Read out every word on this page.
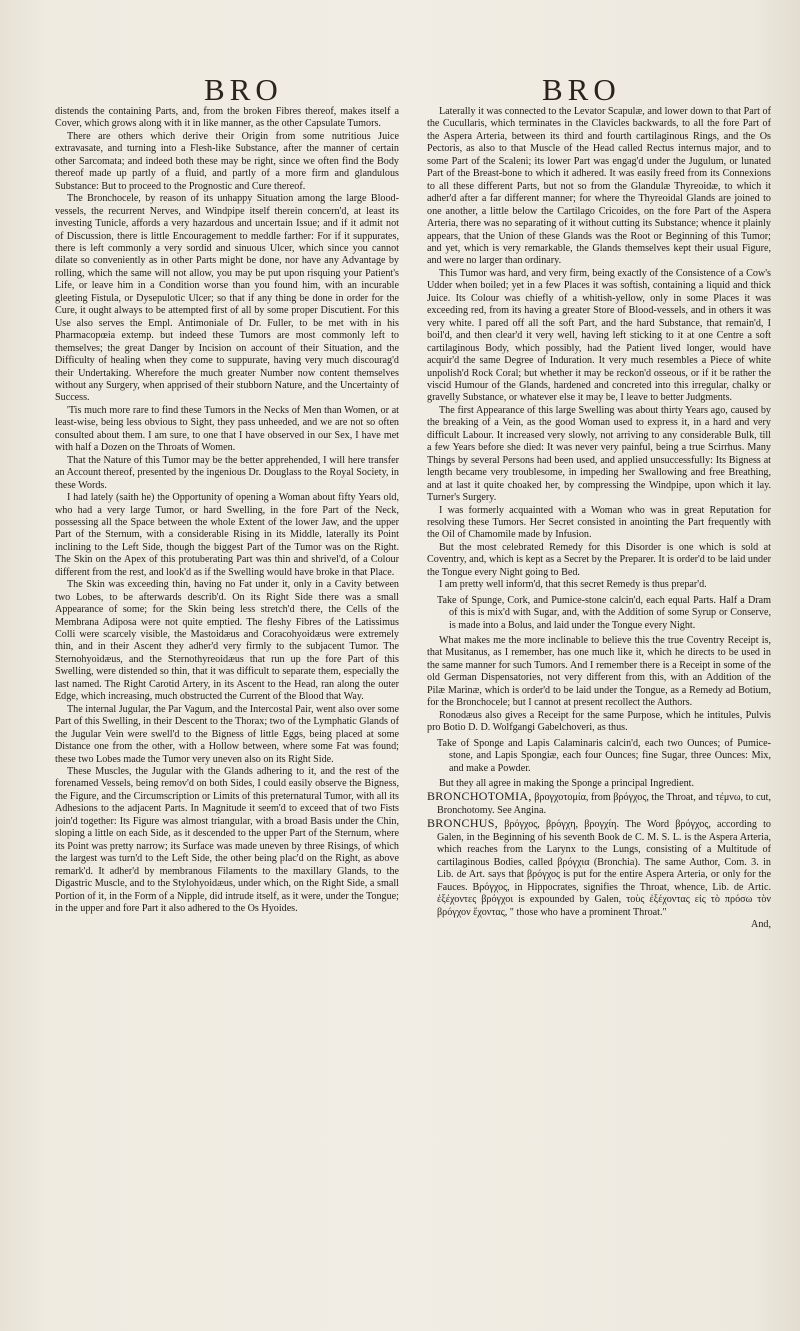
BRO	BRO

distends the containing Parts, and, from the broken Fibres thereof, makes itself a Cover, which grows along with it in like manner, as the other Capsulate Tumors.

There are others which derive their Origin from some nutritious Juice extravasate, and turning into a Flesh-like Substance, after the manner of certain other Sarcomata; and indeed both these may be right, since we often find the Body thereof made up partly of a fluid, and partly of a more firm and glandulous Substance: But to proceed to the Prognostic and Cure thereof.

The Bronchocele, by reason of its unhappy Situation among the large Blood-vessels, the recurrent Nerves, and Windpipe itself therein concern'd, at least its investing Tunicle, affords a very hazardous and uncertain Issue; and if it admit not of Discussion, there is little Encouragement to meddle farther: For if it suppurates, there is left commonly a very sordid and sinuous Ulcer, which since you cannot dilate so conveniently as in other Parts might be done, nor have any Advantage by rolling, which the same will not allow, you may be put upon risquing your Patient's Life, or leave him in a Condition worse than you found him, with an incurable gleeting Fistula, or Dysepulotic Ulcer; so that if any thing be done in order for the Cure, it ought always to be attempted first of all by some proper Discutient. For this Use also serves the Empl. Antimoniale of Dr. Fuller, to be met with in his Pharmacopœia extemp. but indeed these Tumors are most commonly left to themselves; the great Danger by Incision on account of their Situation, and the Difficulty of healing when they come to suppurate, having very much discourag'd their Undertaking. Wherefore the much greater Number now content themselves without any Surgery, when apprised of their stubborn Nature, and the Uncertainty of Success.

'Tis much more rare to find these Tumors in the Necks of Men than Women, or at least-wise, being less obvious to Sight, they pass unheeded, and we are not so often consulted about them. I am sure, to one that I have observed in our Sex, I have met with half a Dozen on the Throats of Women.

That the Nature of this Tumor may be the better apprehended, I will here transfer an Account thereof, presented by the ingenious Dr. Douglass to the Royal Society, in these Words.

I had lately (saith he) the Opportunity of opening a Woman about fifty Years old, who had a very large Tumor, or hard Swelling, in the fore Part of the Neck, possessing all the Space between the whole Extent of the lower Jaw, and the upper Part of the Sternum, with a considerable Rising in its Middle, laterally its Point inclining to the Left Side, though the biggest Part of the Tumor was on the Right. The Skin on the Apex of this protuberating Part was thin and shrivel'd, of a Colour different from the rest, and look'd as if the Swelling would have broke in that Place.

The Skin was exceeding thin, having no Fat under it, only in a Cavity between two Lobes, to be afterwards describ'd. On its Right Side there was a small Appearance of some; for the Skin being less stretch'd there, the Cells of the Membrana Adiposa were not quite emptied. The fleshy Fibres of the Latissimus Colli were scarcely visible, the Mastoidæus and Coracohyoidæus were extremely thin, and in their Ascent they adher'd very firmly to the subjacent Tumor. The Sternohyoidæus, and the Sternothyreoidæus that run up the fore Part of this Swelling, were distended so thin, that it was difficult to separate them, especially the last named. The Right Carotid Artery, in its Ascent to the Head, ran along the outer Edge, which increasing, much obstructed the Current of the Blood that Way.

The internal Jugular, the Par Vagum, and the Intercostal Pair, went also over some Part of this Swelling, in their Descent to the Thorax; two of the Lymphatic Glands of the Jugular Vein were swell'd to the Bigness of little Eggs, being placed at some Distance one from the other, with a Hollow between, where some Fat was found; these two Lobes made the Tumor very uneven also on its Right Side.

These Muscles, the Jugular with the Glands adhering to it, and the rest of the forenamed Vessels, being remov'd on both Sides, I could easily observe the Bigness, the Figure, and the Circumscription or Limits of this preternatural Tumor, with all its Adhesions to the adjacent Parts. In Magnitude it seem'd to exceed that of two Fists join'd together: Its Figure was almost triangular, with a broad Basis under the Chin, sloping a little on each Side, as it descended to the upper Part of the Sternum, where its Point was pretty narrow; its Surface was made uneven by three Risings, of which the largest was turn'd to the Left Side, the other being plac'd on the Right, as above remark'd. It adher'd by membranous Filaments to the maxillary Glands, to the Digastric Muscle, and to the Stylohyoidæus, under which, on the Right Side, a small Portion of it, in the Form of a Nipple, did intrude itself, as it were, under the Tongue; in the upper and fore Part it also adhered to the Os Hyoides.

Laterally it was connected to the Levator Scapulæ, and lower down to that Part of the Cucullaris, which terminates in the Clavicles backwards, to all the fore Part of the Aspera Arteria, between its third and fourth cartilaginous Rings, and the Os Pectoris, as also to that Muscle of the Head called Rectus internus major, and to some Part of the Scaleni; its lower Part was engag'd under the Jugulum, or lunated Part of the Breast-bone to which it adhered. It was easily freed from its Connexions to all these different Parts, but not so from the Glandulæ Thyreoidæ, to which it adher'd after a far different manner; for where the Thyreoidal Glands are joined to one another, a little below the Cartilago Cricoides, on the fore Part of the Aspera Arteria, there was no separating of it without cutting its Substance; whence it plainly appears, that the Union of these Glands was the Root or Beginning of this Tumor; and yet, which is very remarkable, the Glands themselves kept their usual Figure, and were no larger than ordinary.

This Tumor was hard, and very firm, being exactly of the Consistence of a Cow's Udder when boiled; yet in a few Places it was softish, containing a liquid and thick Juice. Its Colour was chiefly of a whitish-yellow, only in some Places it was exceeding red, from its having a greater Store of Blood-vessels, and in others it was very white. I pared off all the soft Part, and the hard Substance, that remain'd, I boil'd, and then clear'd it very well, having left sticking to it at one Centre a soft cartilaginous Body, which possibly, had the Patient lived longer, would have acquir'd the same Degree of Induration. It very much resembles a Piece of white unpolish'd Rock Coral; but whether it may be reckon'd osseous, or if it be rather the viscid Humour of the Glands, hardened and concreted into this irregular, chalky or gravelly Substance, or whatever else it may be, I leave to better Judgments.

The first Appearance of this large Swelling was about thirty Years ago, caused by the breaking of a Vein, as the good Woman used to express it, in a hard and very difficult Labour. It increased very slowly, not arriving to any considerable Bulk, till a few Years before she died: It was never very painful, being a true Scirrhus. Many Things by several Persons had been used, and applied unsuccessfully: Its Bigness at length became very troublesome, in impeding her Swallowing and free Breathing, and at last it quite choaked her, by compressing the Windpipe, upon which it lay. Turner's Surgery.

I was formerly acquainted with a Woman who was in great Reputation for resolving these Tumors. Her Secret consisted in anointing the Part frequently with the Oil of Chamomile made by Infusion.

But the most celebrated Remedy for this Disorder is one which is sold at Coventry, and, which is kept as a Secret by the Preparer. It is order'd to be laid under the Tongue every Night going to Bed.

I am pretty well inform'd, that this secret Remedy is thus prepar'd.

Take of Spunge, Cork, and Pumice-stone calcin'd, each equal Parts. Half a Dram of this is mix'd with Sugar, and, with the Addition of some Syrup or Conserve, is made into a Bolus, and laid under the Tongue every Night.

What makes me the more inclinable to believe this the true Coventry Receipt is, that Musitanus, as I remember, has one much like it, which he directs to be used in the same manner for such Tumors. And I remember there is a Receipt in some of the old German Dispensatories, not very different from this, with an Addition of the Pilæ Marinæ, which is order'd to be laid under the Tongue, as a Remedy ad Botium, for the Bronchocele; but I cannot at present recollect the Authors.

Ronodæus also gives a Receipt for the same Purpose, which he intitules, Pulvis pro Botio D. D. Wolfgangi Gabelchoveri, as thus.

Take of Sponge and Lapis Calaminaris calcin'd, each two Ounces; of Pumice-stone, and Lapis Spongiæ, each four Ounces; fine Sugar, three Ounces: Mix, and make a Powder.

But they all agree in making the Sponge a principal Ingredient.

BRONCHOTOMIA, βρογχοτομία, from βρόγχος, the Throat, and τέμνω, to cut, Bronchotomy. See Angina.

BRONCHUS, βρόγχος, βρόγχη, βρογχίη. The Word βρόγχος, according to Galen, in the Beginning of his seventh Book de C. M. S. L. is the Aspera Arteria, which reaches from the Larynx to the Lungs, consisting of a Multitude of cartilaginous Bodies, called βρόγχια (Bronchia). The same Author, Com. 3. in Lib. de Art. says that βρόγχος is put for the entire Aspera Arteria, or only for the Fauces. Βρόγχος, in Hippocrates, signifies the Throat, whence, Lib. de Artic. ἐξέχοντες βρόγχοι is expounded by Galen, τοὺς ἐξέχοντας εἰς τὸ πρόσω τὸν βρόγχον ἔχοντας, " those who have a prominent Throat."

And,
